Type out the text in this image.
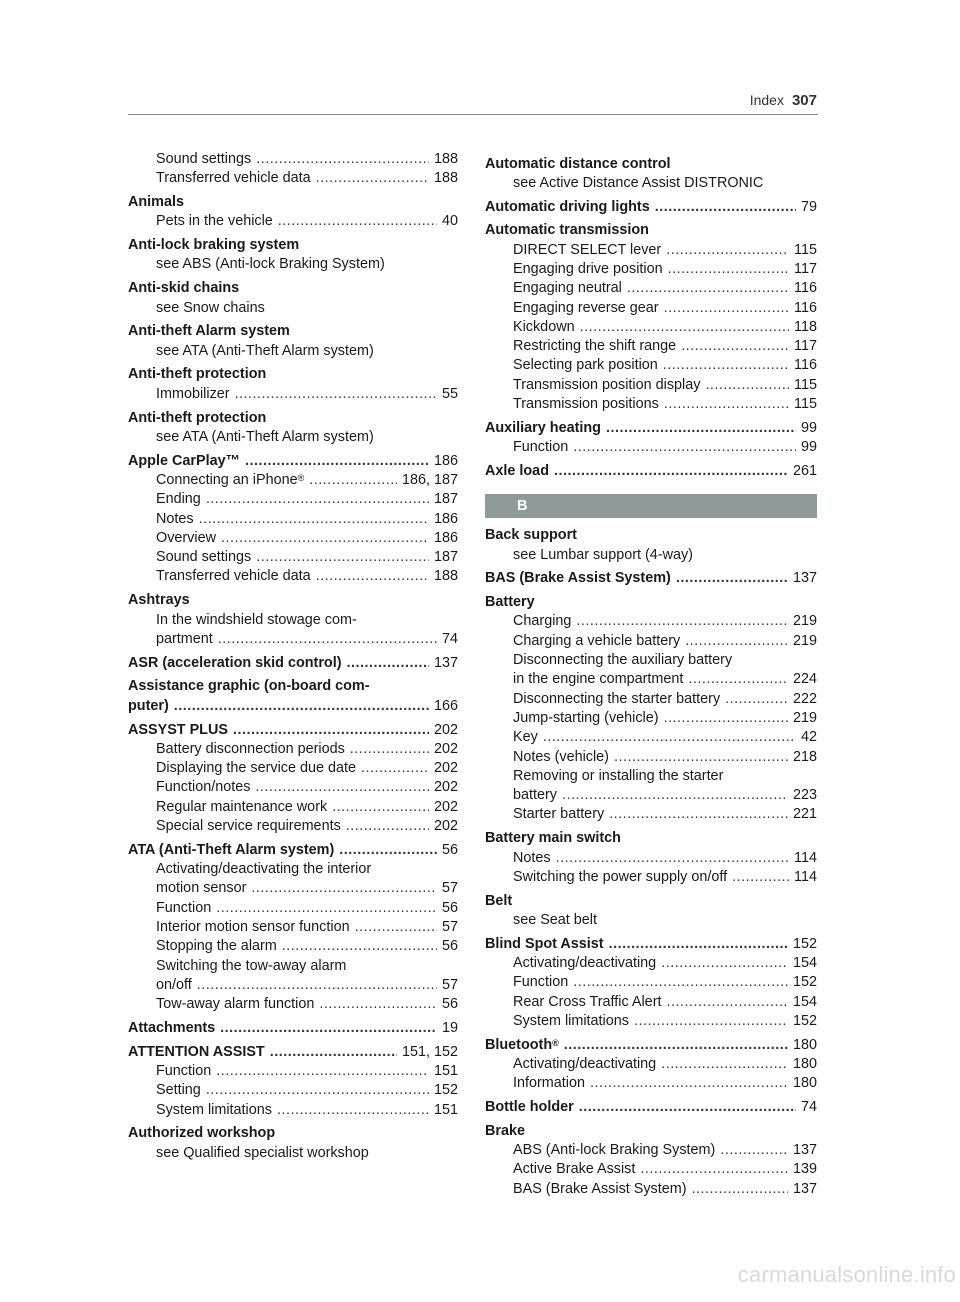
Index 307
Sound settings .....	188
Transferred vehicle data .....	188
Animals
Pets in the vehicle .....	40
Anti-lock braking system
see ABS (Anti-lock Braking System)
Anti-skid chains
see Snow chains
Anti-theft Alarm system
see ATA (Anti-Theft Alarm system)
Anti-theft protection
Immobilizer .....	55
Anti-theft protection
see ATA (Anti-Theft Alarm system)
Apple CarPlay™ .....	186
Connecting an iPhone® .....	186, 187
Ending .....	187
Notes .....	186
Overview .....	186
Sound settings .....	187
Transferred vehicle data .....	188
Ashtrays
In the windshield stowage com-
partment .....	74
ASR (acceleration skid control) .....	137
Assistance graphic (on-board com-
puter) .....	166
ASSYST PLUS .....	202
Battery disconnection periods .....	202
Displaying the service due date .....	202
Function/notes .....	202
Regular maintenance work .....	202
Special service requirements .....	202
ATA (Anti-Theft Alarm system) .....	56
Activating/deactivating the interior
motion sensor .....	57
Function .....	56
Interior motion sensor function .....	57
Stopping the alarm .....	56
Switching the tow-away alarm
on/off .....	57
Tow-away alarm function .....	56
Attachments .....	19
ATTENTION ASSIST .....	151, 152
Function .....	151
Setting .....	152
System limitations .....	151
Authorized workshop
see Qualified specialist workshop
Automatic distance control
see Active Distance Assist DISTRONIC
Automatic driving lights .....	79
Automatic transmission
DIRECT SELECT lever .....	115
Engaging drive position .....	117
Engaging neutral .....	116
Engaging reverse gear .....	116
Kickdown .....	118
Restricting the shift range .....	117
Selecting park position .....	116
Transmission position display .....	115
Transmission positions .....	115
Auxiliary heating .....	99
Function .....	99
Axle load .....	261
B
Back support
see Lumbar support (4-way)
BAS (Brake Assist System) .....	137
Battery
Charging .....	219
Charging a vehicle battery .....	219
Disconnecting the auxiliary battery
in the engine compartment .....	224
Disconnecting the starter battery .....	222
Jump-starting (vehicle) .....	219
Key .....	42
Notes (vehicle) .....	218
Removing or installing the starter
battery .....	223
Starter battery .....	221
Battery main switch
Notes .....	114
Switching the power supply on/off .....	114
Belt
see Seat belt
Blind Spot Assist .....	152
Activating/deactivating .....	154
Function .....	152
Rear Cross Traffic Alert .....	154
System limitations .....	152
Bluetooth® .....	180
Activating/deactivating .....	180
Information .....	180
Bottle holder .....	74
Brake
ABS (Anti-lock Braking System) .....	137
Active Brake Assist .....	139
BAS (Brake Assist System) .....	137
carmanualsonline.info
